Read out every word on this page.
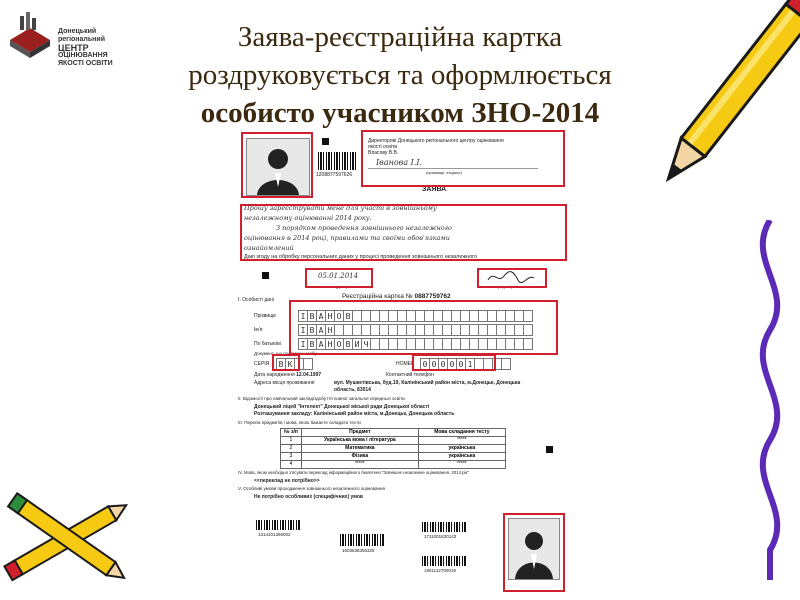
Донецький
регіональний
ЦЕНТР
ОЦІНЮВАННЯ
ЯКОСТІ ОСВІТИ
Заява-реєстраційна картка
роздруковується та оформлюється
особисто учасником ЗНО-2014
1208877597626
Директорові Донецького регіонального центру оцінювання
якості освіти
Власову В.В.
Іванова І.І.
(прізвище, ініціали)
ЗАЯВА
Прошу зареєструвати мене для участі в зовнішньому
незалежному оцінюванні 2014 року.
З порядком проведення зовнішнього незалежного
оцінювання в 2014 році, правилами та своїми обов'язками
ознайомлений
Даю згоду на обробку персональних даних у процесі проведення зовнішнього незалежного
05.01.2014
(дата)	(підпис)
I. Особисті дані	Реєстраційна картка № 0887759762
Прізвище	І В А Н О В
Ім'я	І В А Н
По батькові	І В А Н О В И Ч
Документ, що посвідчує особу
СЕРІЯ	В К	НОМЕР	0 0 0 0 0 1
Дата народження 12.04.1997	Контактний телефон
Адреса місця проживання	вул. Мушкетівська, буд.19, Калінінський район міста, м.Донецьк, Донецька область, 83014
II. Відомості про навчальний заклад/здобуття повної загальної середньої освіти
Донецький ліцей "Інтелект" Донецької міської ради Донецької області
Розташування закладу: Калінінський район міста, м.Донецьк, Донецька область
III. Перелік предметів і мова, якою бажаєте складати тести
№ з/п	Предмет	Мова складання тесту
1	Українська мова і література	*****
2	Математика	українська
3	Фізика	українська
4	*****	*****
IV. Мова, якою необхідно з'ясувати переклад інформаційного бюлетеня "Зовнішнє незалежне оцінювання. 2014 рік"
<<переклад не потрібно>>
V. Особливі умови проходження зовнішнього незалежного оцінювання
Не потрібно особливих (специфічних) умов
1314101366002
1503538355325
1711001830143
1901112700019
